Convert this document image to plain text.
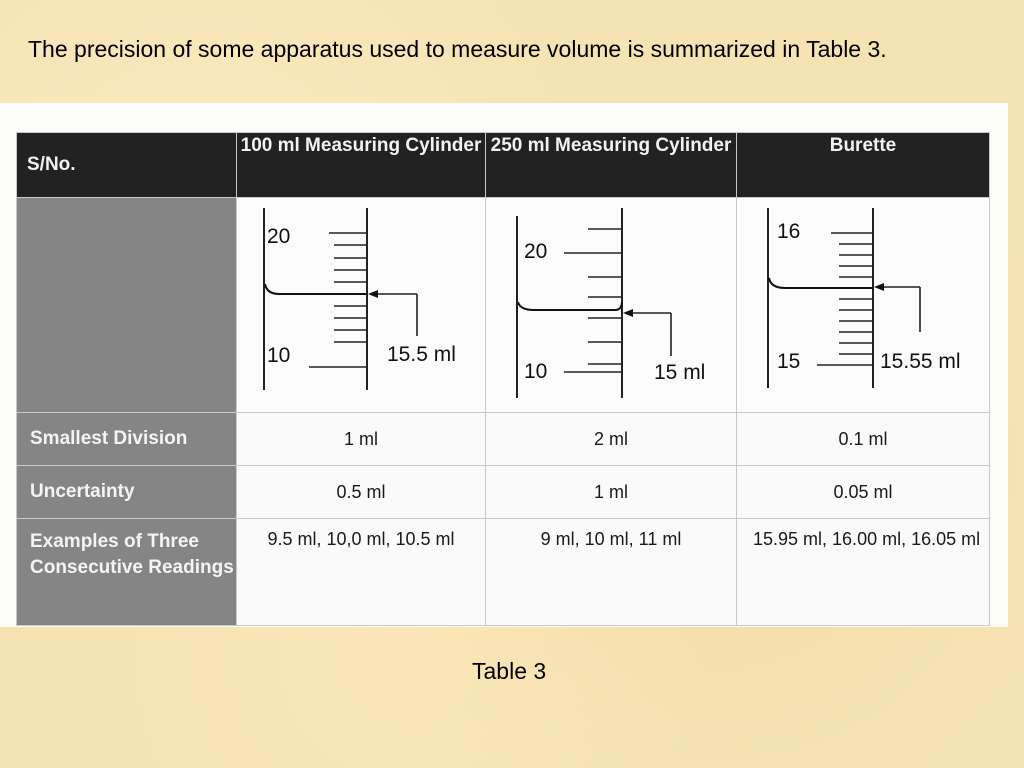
The precision of some apparatus used to measure volume is summarized in Table 3.
S/No.	100 ml Measuring Cylinder	250 ml Measuring Cylinder	Burette

20
10 15.5 ml	20
10 15 ml	16
15 15.55 ml

Smallest Division	1 ml	2 ml	0.1 ml
Uncertainty	0.5 ml	1 ml	0.05 ml
Examples of Three Consecutive Readings	9.5 ml, 10,0 ml, 10.5 ml	9 ml, 10 ml, 11 ml	15.95 ml, 16.00 ml, 16.05 ml
Table 3
